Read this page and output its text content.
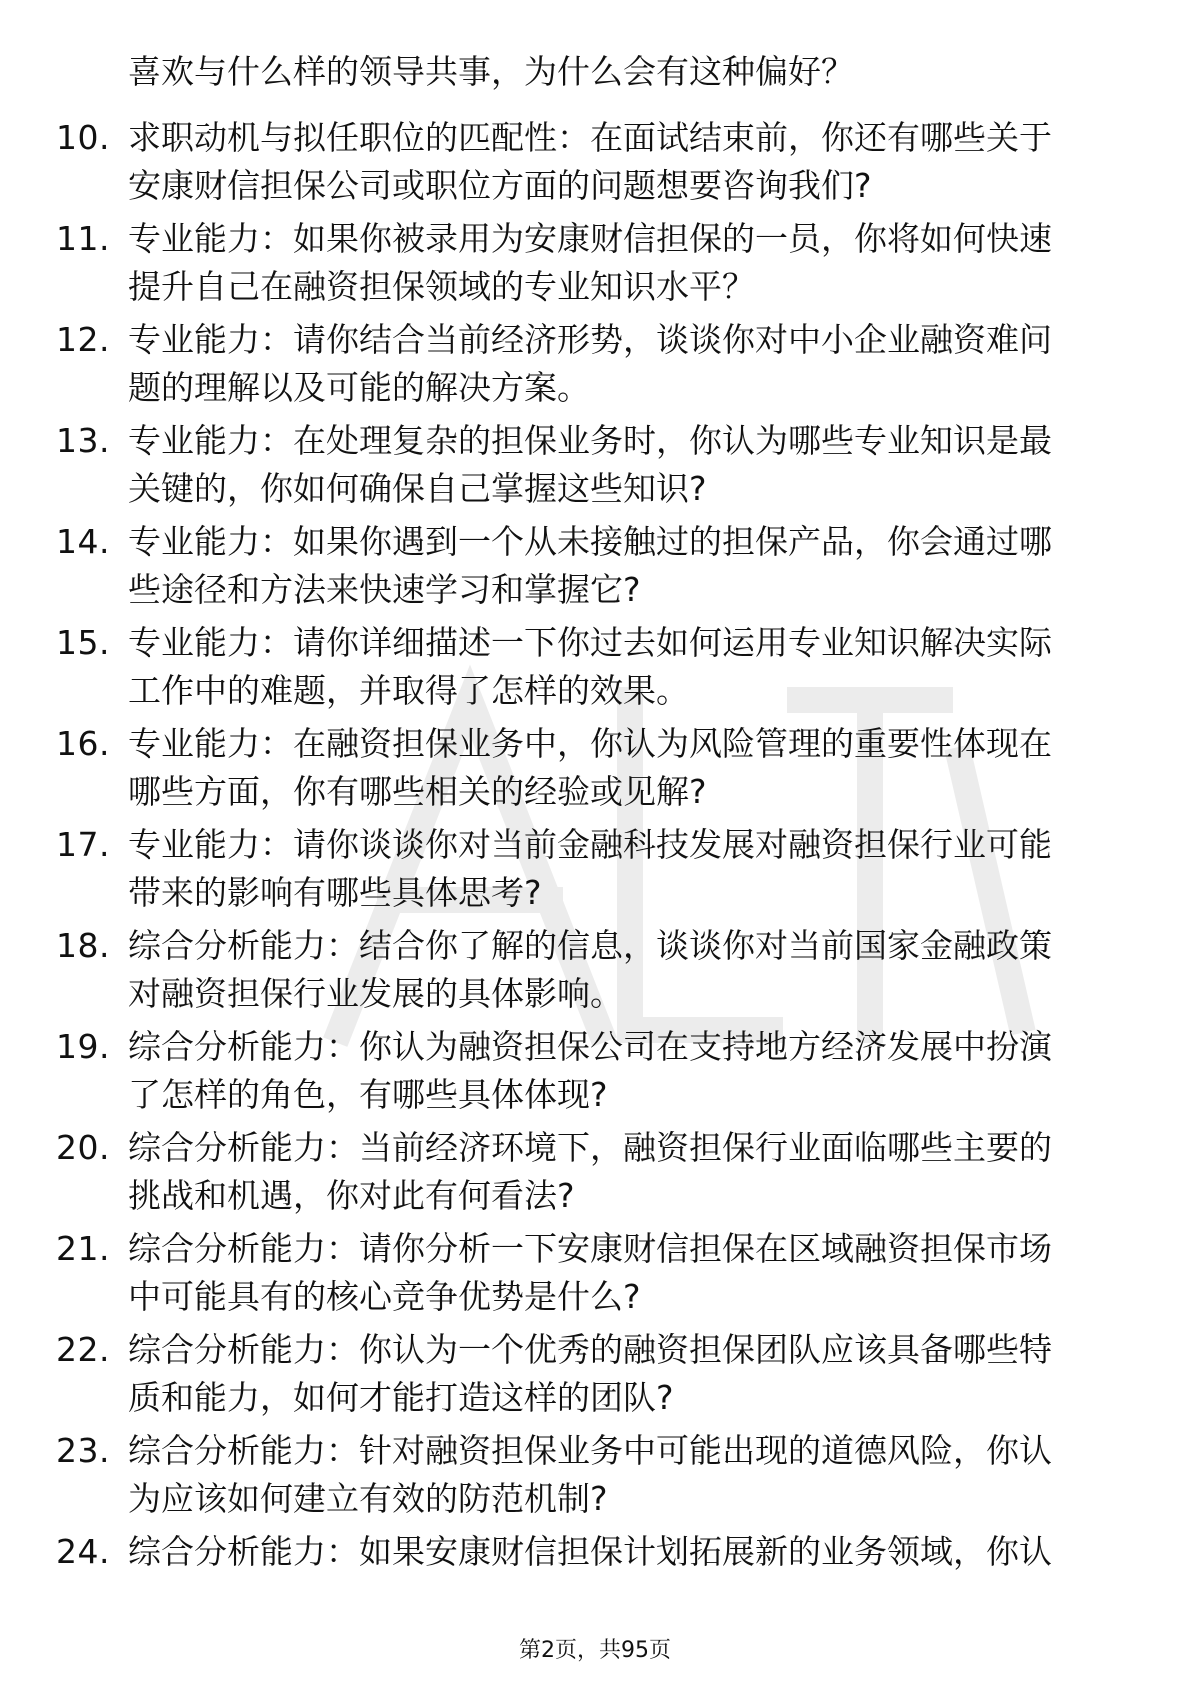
喜欢与什么样的领导共事，为什么会有这种偏好？
10. 求职动机与拟任职位的匹配性：在面试结束前，你还有哪些关于
安康财信担保公司或职位方面的问题想要咨询我们?
11. 专业能力：如果你被录用为安康财信担保的一员，你将如何快速
提升自己在融资担保领域的专业知识水平？
12. 专业能力：请你结合当前经济形势，谈谈你对中小企业融资难问
题的理解以及可能的解决方案。
13. 专业能力：在处理复杂的担保业务时，你认为哪些专业知识是最
关键的，你如何确保自己掌握这些知识?
14. 专业能力：如果你遇到一个从未接触过的担保产品，你会通过哪
些途径和方法来快速学习和掌握它?
15. 专业能力：请你详细描述一下你过去如何运用专业知识解决实际
工作中的难题，并取得了怎样的效果。
16. 专业能力：在融资担保业务中，你认为风险管理的重要性体现在
哪些方面，你有哪些相关的经验或见解?
17. 专业能力：请你谈谈你对当前金融科技发展对融资担保行业可能
带来的影响有哪些具体思考?
18. 综合分析能力：结合你了解的信息，谈谈你对当前国家金融政策
对融资担保行业发展的具体影响。
19. 综合分析能力：你认为融资担保公司在支持地方经济发展中扮演
了怎样的角色，有哪些具体体现?
20. 综合分析能力：当前经济环境下，融资担保行业面临哪些主要的
挑战和机遇，你对此有何看法?
21. 综合分析能力：请你分析一下安康财信担保在区域融资担保市场
中可能具有的核心竞争优势是什么?
22. 综合分析能力：你认为一个优秀的融资担保团队应该具备哪些特
质和能力，如何才能打造这样的团队?
23. 综合分析能力：针对融资担保业务中可能出现的道德风险，你认
为应该如何建立有效的防范机制?
24. 综合分析能力：如果安康财信担保计划拓展新的业务领域，你认
第2页，共95页
